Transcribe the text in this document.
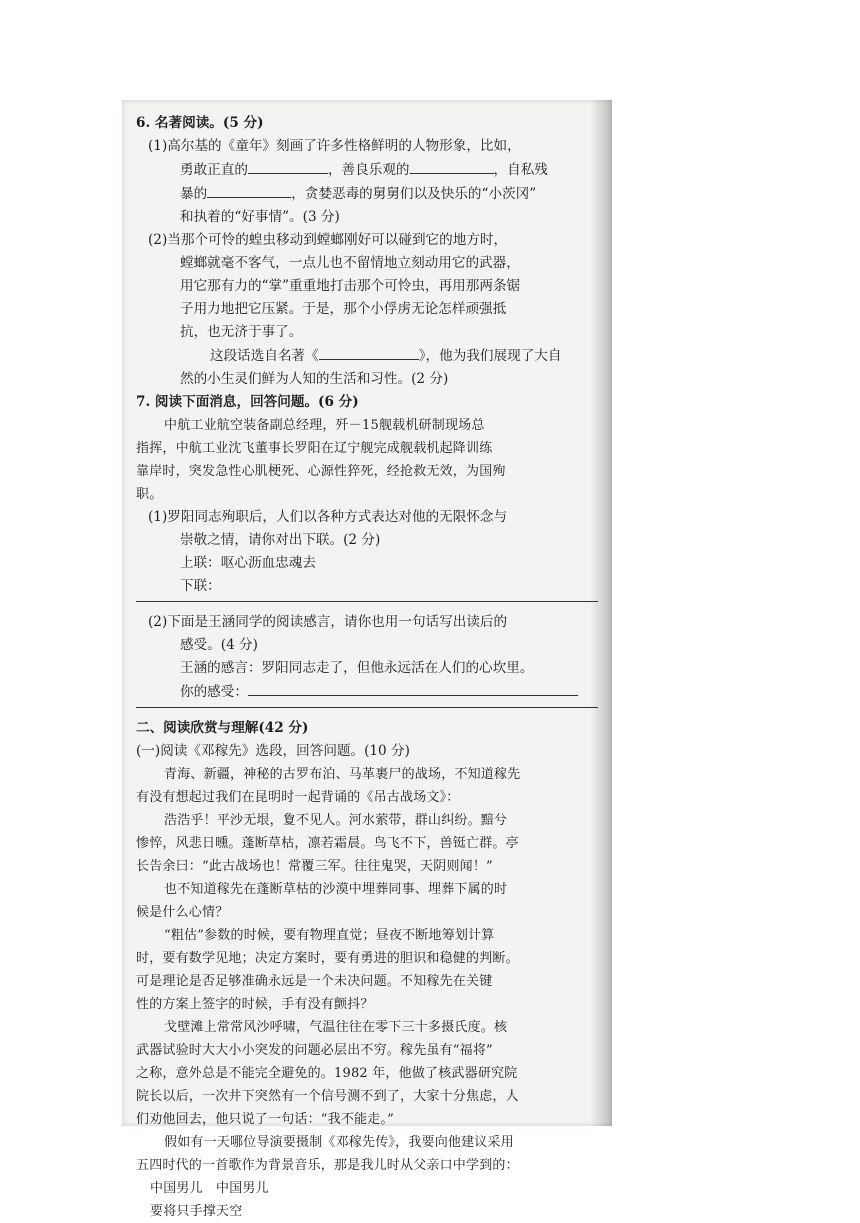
6. 名著阅读。(5 分)
(1)高尔基的《童年》刻画了许多性格鲜明的人物形象，比如，
勇敢正直的	，善良乐观的	，自私残
暴的	，贪婪恶毒的舅舅们以及快乐的“小茨冈”
和执着的“好事情”。(3 分)
(2)当那个可怜的蝗虫移动到螳螂刚好可以碰到它的地方时，
螳螂就毫不客气，一点儿也不留情地立刻动用它的武器，
用它那有力的“掌”重重地打击那个可怜虫，再用那两条锯
子用力地把它压紧。于是，那个小俘虏无论怎样顽强抵
抗，也无济于事了。
这段话选自名著《	》，他为我们展现了大自
然的小生灵们鲜为人知的生活和习性。(2 分)
7. 阅读下面消息，回答问题。(6 分)
中航工业航空装备副总经理，歼－15舰载机研制现场总
指挥，中航工业沈飞董事长罗阳在辽宁舰完成舰载机起降训练
靠岸时，突发急性心肌梗死、心源性猝死，经抢救无效，为国殉
职。
(1)罗阳同志殉职后，人们以各种方式表达对他的无限怀念与
崇敬之情，请你对出下联。(2 分)
上联：呕心沥血忠魂去
下联：
(2)下面是王涵同学的阅读感言，请你也用一句话写出读后的
感受。(4 分)
王涵的感言：罗阳同志走了，但他永远活在人们的心坎里。
你的感受：
二、阅读欣赏与理解(42 分)
(一)阅读《邓稼先》选段，回答问题。(10 分)
青海、新疆，神秘的古罗布泊、马革裹尸的战场，不知道稼先
有没有想起过我们在昆明时一起背诵的《吊古战场文》：
浩浩乎！平沙无垠，夐不见人。河水萦带，群山纠纷。黯兮
惨悴，风悲日曛。蓬断草枯，凛若霜晨。鸟飞不下，兽铤亡群。亭
长告余曰：“此古战场也！常覆三军。往往鬼哭，天阴则闻！”
也不知道稼先在蓬断草枯的沙漠中埋葬同事、埋葬下属的时
候是什么心情？
“粗估”参数的时候，要有物理直觉；昼夜不断地筹划计算
时，要有数学见地；决定方案时，要有勇进的胆识和稳健的判断。
可是理论是否足够准确永远是一个未决问题。不知稼先在关键
性的方案上签字的时候，手有没有颤抖？
戈壁滩上常常风沙呼啸，气温往往在零下三十多摄氏度。核
武器试验时大大小小突发的问题必层出不穷。稼先虽有“福将”
之称，意外总是不能完全避免的。1982 年，他做了核武器研究院
院长以后，一次井下突然有一个信号测不到了，大家十分焦虑，人
们劝他回去，他只说了一句话：“我不能走。”
假如有一天哪位导演要摄制《邓稼先传》，我要向他建议采用
五四时代的一首歌作为背景音乐，那是我儿时从父亲口中学到的：
中国男儿　中国男儿
要将只手撑天空
